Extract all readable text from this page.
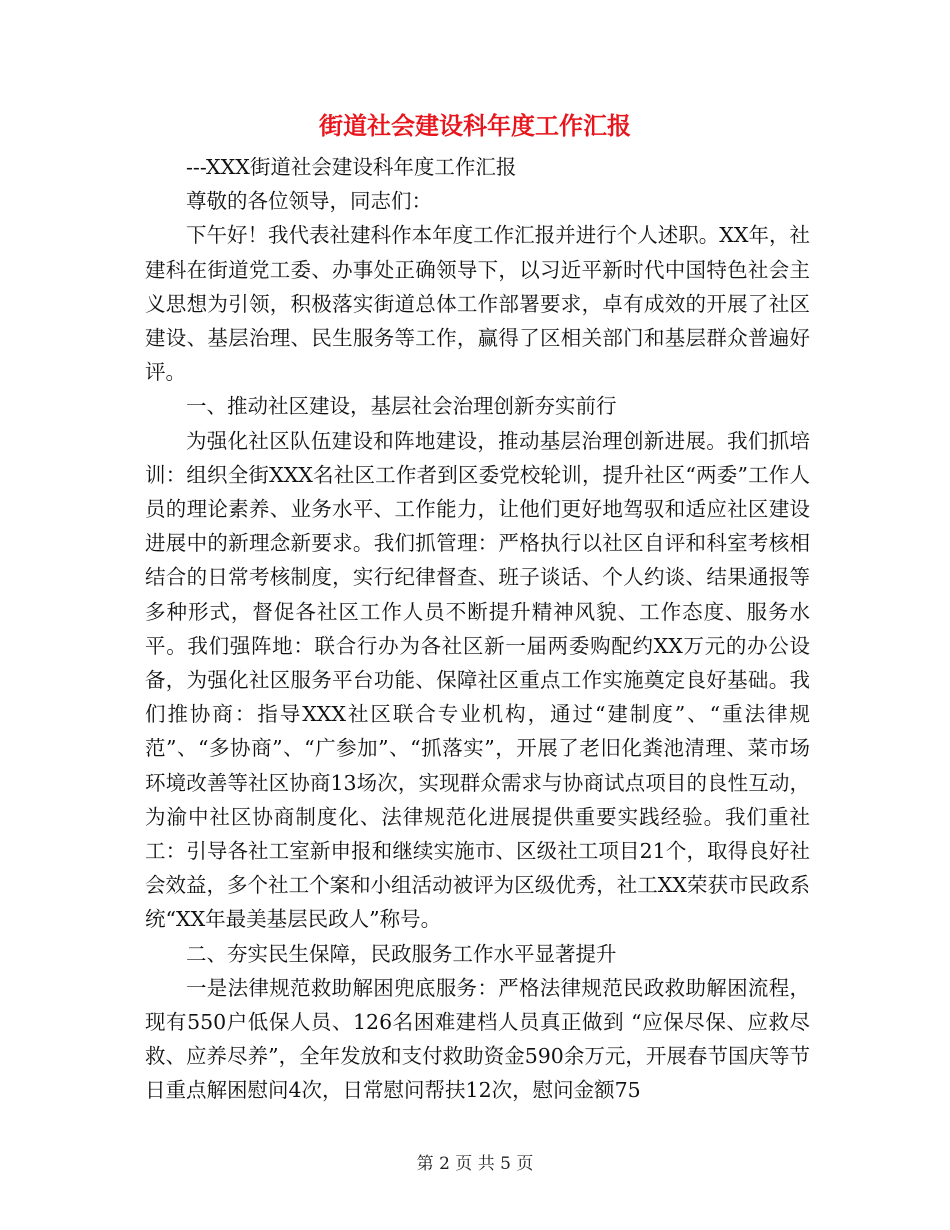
街道社会建设科年度工作汇报

---XXX街道社会建设科年度工作汇报

尊敬的各位领导，同志们：

下午好！我代表社建科作本年度工作汇报并进行个人述职。XX年，社建科在街道党工委、办事处正确领导下，以习近平新时代中国特色社会主义思想为引领，积极落实街道总体工作部署要求，卓有成效的开展了社区建设、基层治理、民生服务等工作，赢得了区相关部门和基层群众普遍好评。

一、推动社区建设，基层社会治理创新夯实前行

为强化社区队伍建设和阵地建设，推动基层治理创新进展。我们抓培训：组织全街XXX名社区工作者到区委党校轮训，提升社区“两委”工作人员的理论素养、业务水平、工作能力，让他们更好地驾驭和适应社区建设进展中的新理念新要求。我们抓管理：严格执行以社区自评和科室考核相结合的日常考核制度，实行纪律督查、班子谈话、个人约谈、结果通报等多种形式，督促各社区工作人员不断提升精神风貌、工作态度、服务水平。我们强阵地：联合行办为各社区新一届两委购配约XX万元的办公设备，为强化社区服务平台功能、保障社区重点工作实施奠定良好基础。我们推协商：指导XXX社区联合专业机构，通过“建制度”、“重法律规范”、“多协商”、“广参加”、“抓落实”，开展了老旧化粪池清理、菜市场环境改善等社区协商13场次，实现群众需求与协商试点项目的良性互动，为渝中社区协商制度化、法律规范化进展提供重要实践经验。我们重社工：引导各社工室新申报和继续实施市、区级社工项目21个，取得良好社会效益，多个社工个案和小组活动被评为区级优秀，社工XX荣获市民政系统“XX年最美基层民政人”称号。

二、夯实民生保障，民政服务工作水平显著提升

一是法律规范救助解困兜底服务：严格法律规范民政救助解困流程，现有550户低保人员、126名困难建档人员真正做到 “应保尽保、应救尽救、应养尽养”，全年发放和支付救助资金590余万元，开展春节国庆等节日重点解困慰问4次，日常慰问帮扶12次，慰问金额75

第 2 页 共 5 页
